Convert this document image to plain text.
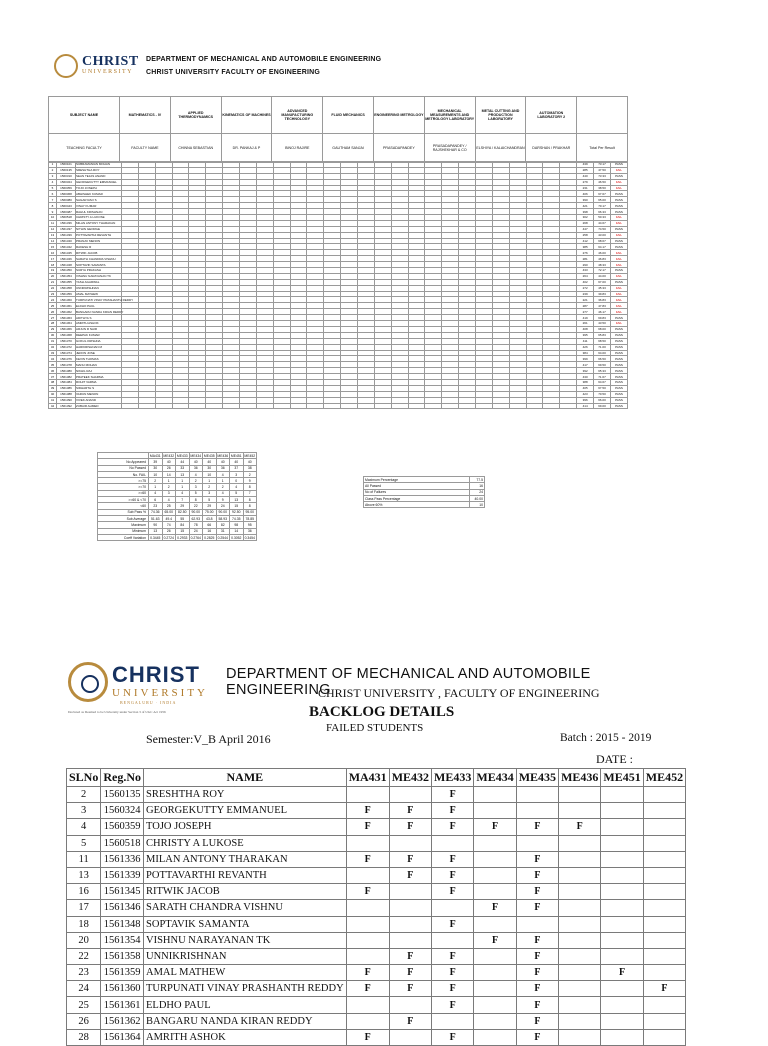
CHRIST
UNIVERSITY
DEPARTMENT OF MECHANICAL AND AUTOMOBILE ENGINEERING
CHRIST UNIVERSITY FACULTY OF ENGINEERING
SUBJECT NAME	MATHEMATICS - IV	APPLIED THERMODYNAMICS	KINEMATICS OF MACHINES	ADVANCED MANUFACTURING TECHNOLOGY	FLUID MECHANICS	ENGINEERING METROLOGY	MECHANICAL MEASUREMENTS AND METROLOGY LABORATORY	METAL CUTTING AND PRODUCTION LABORATORY	AUTOMATION LABORATORY 2	
TEACHING FACULTY	FACULTY NAME	CHINNA SEBASTIAN	DR. PANKAJ & P	BINOJ RAJIRE	GAUTHAM SANJAI	PRASADAPANDEY	PRASADAPANDEY / RAJSHEKHAR & CO	ELSHIYA / KALAICHANDRAN	DARSHAN / PRAKHAR	Total Per Result
1	1560101	SUBRAMANIAN MOHAN																												439	73.17	PASS
2	1560135	SRESHTHA ROY																												285	47.50	FAIL
3	1560310	SEAN TEJAS ANAND																												440	73.33	PASS
4	1560324	GEORGEKUTTY EMMANUEL																												279	46.50	FAIL
5	1560359	TOJO JOSEPH																												231	38.50	FAIL
6	1560368	ABHISHEK KUMAR																												406	67.67	PASS
7	1560380	SAGAR RAO S																												390	65.00	PASS
8	1560443	VINAY KUMAR																												421	70.17	PASS
9	1560487	RAHUL KRISHNAN																												398	66.33	PASS
10	1560518	CHRISTY A LUKOSE																												302	50.33	FAIL
11	1561336	MILAN ANTONY THARAKAN																												268	44.67	FAIL
12	1561337	NITHIN GEORGE																												447	74.50	PASS
13	1561339	POTTAVARTHI REVANTH																												258	43.00	FAIL
14	1561340	PRANAV MENON																												412	68.67	PASS
15	1561342	RAKESH R																												385	64.17	PASS
16	1561345	RITWIK JACOB																												276	46.00	FAIL
17	1561346	SARATH CHANDRA VISHNU																												281	46.83	FAIL
18	1561348	SOPTAVIK SAMANTA																												290	48.33	FAIL
19	1561350	SURYA PRAKASH																												433	72.17	PASS
20	1561354	VISHNU NARAYANAN TK																												264	44.00	FAIL
21	1561355	YASH AGARWAL																												402	67.00	PASS
22	1561358	UNNIKRISHNAN																												272	45.33	FAIL
23	1561359	AMAL MATHEW																												239	39.83	FAIL
24	1561360	TURPUNATI VINAY PRASHANTH REDDY																												221	36.83	FAIL
25	1561361	ELDHO PAUL																												287	47.83	FAIL
26	1561362	BANGARU NANDA KIRAN REDDY																												277	46.17	FAIL
27	1561363	ADITHYA S																												419	69.83	PASS
28	1561364	AMRITH ASHOK																												261	43.50	FAIL
29	1561366	ARJUN R NAIR																												408	68.00	PASS
30	1561368	DEEPAK KUMAR																												395	65.83	PASS
31	1561370	GOKUL KRISHNA																												411	68.50	PASS
32	1561372	HARIKRISHNAN M																												426	71.00	PASS
33	1561374	JEFFIN JOSE																												384	64.00	PASS
34	1561376	KEVIN THOMAS																												399	66.50	PASS
35	1561378	MANU MOHAN																												417	69.50	PASS
36	1561380	NIKHIL RAJ																												392	65.33	PASS
37	1561382	PRATEEK SHARMA																												430	71.67	PASS
38	1561384	ROHIT VARMA																												388	64.67	PASS
39	1561386	SIDHARTH S																												405	67.50	PASS
40	1561388	VARUN MENON																												423	70.50	PASS
41	1561390	VIVEK ANAND																												396	66.00	PASS
42	1561392	ZUBAIR AHMED																												414	69.00	PASS
	MA431	ME432	ME433	ME434	ME435	ME436	ME451	ME452
No Appeared	39	40	44	40	40	40	40	40
No Passed	30	26	33	36	30	36	37	38
No. FAIL	10	14	13	4	10	4	3	2
>=75	2	1	1	2	1	1	0	9
>=70	1	2	1	3	2	2	4	8
>=60	4	3	4	5	3	4	5	7
>=60 & <70	6	4	7	8	5	9	13	8
<60	23	25	29	22	29	24	15	8
Sub Pass %	74.36	65.00	82.50	90.00	75.00	90.00	92.50	95.00
Sub Average	51.63	49.4	55	62.93	43.8	58.93	74.35	78.85
Maximum	90	74	84	78	66	82	98	95
Minimum	13	26	15	24	16	31	14	36
Coeff Variation	0.3445	0.2724	0.2933	0.2764	0.2825	0.2544	0.3052	0.3454
Maximum Percentage	77.5
All Passed	16
No of Failures	24
Class Pass Percentage	40.00
Above 60%	10
CHRIST
UNIVERSITY
BENGALURU · INDIA
Declared as Deemed to be University under Section 3 of UGC Act 1956
DEPARTMENT OF MECHANICAL AND AUTOMOBILE ENGINEERING
CHRIST UNIVERSITY , FACULTY OF ENGINEERING
BACKLOG DETAILS
FAILED STUDENTS
Semester:V_B April 2016	Batch : 2015 - 2019
DATE :
SLNo	Reg.No	NAME	MA431	ME432	ME433	ME434	ME435	ME436	ME451	ME452
2	1560135	SRESHTHA ROY			F					
3	1560324	GEORGEKUTTY EMMANUEL	F	F	F					
4	1560359	TOJO JOSEPH	F	F	F	F	F	F		
5	1560518	CHRISTY A LUKOSE								
11	1561336	MILAN ANTONY THARAKAN	F	F	F		F			
13	1561339	POTTAVARTHI REVANTH		F	F		F			
16	1561345	RITWIK JACOB	F		F		F			
17	1561346	SARATH CHANDRA VISHNU				F	F			
18	1561348	SOPTAVIK SAMANTA			F					
20	1561354	VISHNU NARAYANAN TK				F	F			
22	1561358	UNNIKRISHNAN		F	F		F			
23	1561359	AMAL MATHEW	F	F	F		F		F	
24	1561360	TURPUNATI VINAY PRASHANTH REDDY	F	F	F		F			F
25	1561361	ELDHO PAUL			F		F			
26	1561362	BANGARU NANDA KIRAN REDDY		F			F			
28	1561364	AMRITH ASHOK	F		F		F			
